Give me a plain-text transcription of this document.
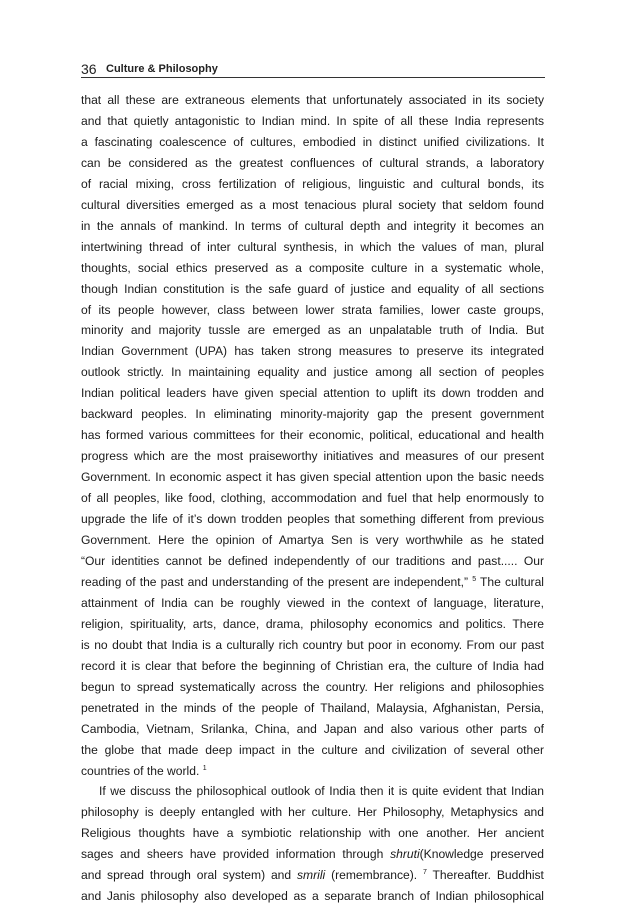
36 Culture & Philosophy
that all these are extraneous elements that unfortunately associated in its society
and that quietly antagonistic to Indian mind. In spite of all these India represents
a fascinating coalescence of cultures, embodied in distinct unified civilizations. It
can be considered as the greatest confluences of cultural strands, a laboratory
of racial mixing, cross fertilization of religious, linguistic and cultural bonds, its
cultural diversities emerged as a most tenacious plural society that seldom found
in the annals of mankind. In terms of cultural depth and integrity it becomes an
intertwining thread of inter cultural synthesis, in which the values of man, plural
thoughts, social ethics preserved as a composite culture in a systematic whole,
though Indian constitution is the safe guard of justice and equality of all sections
of its people however, class between lower strata families, lower caste groups,
minority and majority tussle are emerged as an unpalatable truth of India. But
Indian Government (UPA) has taken strong measures to preserve its integrated
outlook strictly. In maintaining equality and justice among all section of peoples
Indian political leaders have given special attention to uplift its down trodden and
backward peoples. In eliminating minority-majority gap the present government
has formed various committees for their economic, political, educational and health
progress which are the most praiseworthy initiatives and measures of our present
Government. In economic aspect it has given special attention upon the basic needs
of all peoples, like food, clothing, accommodation and fuel that help enormously to
upgrade the life of it’s down trodden peoples that something different from previous
Government. Here the opinion of Amartya Sen is very worthwhile as he stated
“Our identities cannot be defined independently of our traditions and past..... Our
reading of the past and understanding of the present are independent,” $^5$ The cultural
attainment of India can be roughly viewed in the context of language, literature,
religion, spirituality, arts, dance, drama, philosophy economics and politics. There
is no doubt that India is a culturally rich country but poor in economy. From our past
record it is clear that before the beginning of Christian era, the culture of India had
begun to spread systematically across the country. Her religions and philosophies
penetrated in the minds of the people of Thailand, Malaysia, Afghanistan, Persia,
Cambodia, Vietnam, Srilanka, China, and Japan and also various other parts of
the globe that made deep impact in the culture and civilization of several other
countries of the world. $^1$
If we discuss the philosophical outlook of India then it is quite evident that Indian
philosophy is deeply entangled with her culture. Her Philosophy, Metaphysics and
Religious thoughts have a symbiotic relationship with one another. Her ancient
sages and sheers have provided information through shruti(Knowledge preserved
and spread through oral system) and smrili (remembrance). $^7$ Thereafter. Buddhist
and Janis philosophy also developed as a separate branch of Indian philosophical
